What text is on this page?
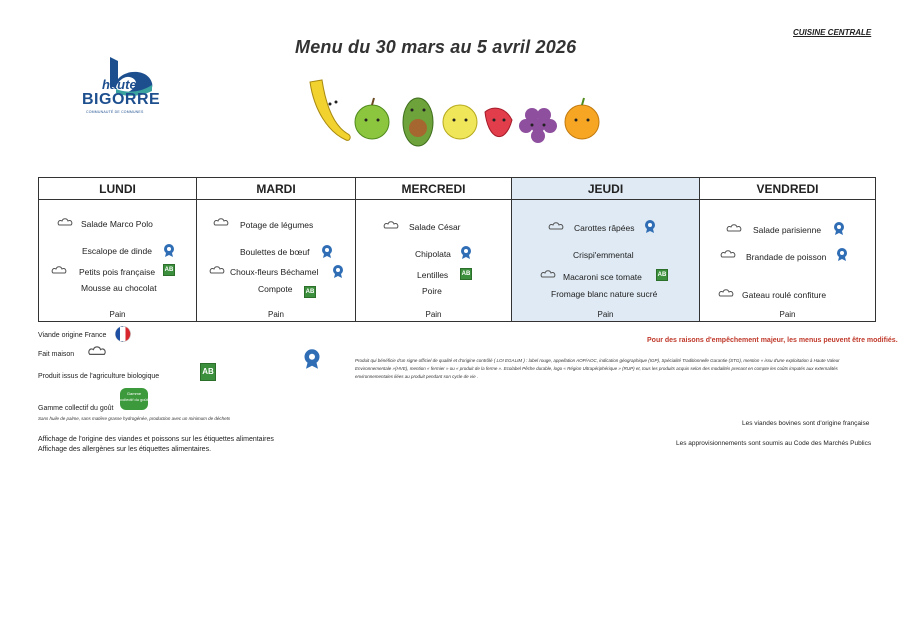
CUISINE CENTRALE
Menu du 30 mars au 5 avril 2026
haute
BIGORRE
COMMUNAUTÉ DE COMMUNES
LUNDI
Salade Marco Polo
Escalope de dinde
Petits pois française AB
Mousse au chocolat
Pain
MARDI
Potage de légumes
Boulettes de bœuf
Choux-fleurs Béchamel
Compote AB
Pain
MERCREDI
Salade César
Chipolata
Lentilles AB
Poire
Pain
JEUDI
Carottes râpées
Crispi'emmental
Macaroni sce tomate	AB
Fromage blanc nature sucré
Pain
VENDREDI
Salade parisienne
Brandade de poisson
Gateau roulé confiture
Pain
Viande origine France
Fait maison
Produit qui bénéficie d'un signe officiel de qualité et d'origine contrôlé ( LOI EGALIM ) : label rouge, appellation AOP/AOC, indication géographique (IGP), Spécialité Traditionnelle Garantie (STG), mention « issu d'une exploitation à Haute Valeur Environnementale »(HVE), mention « fermier » ou « produit de la ferme ». Ecolabel Pêche durable, logo « Région Ultrapériphérique » (RUP) et, tous les produits acquis selon des modalités prenant en compte les coûts imputés aux externalités environnementales liées au produit pendant son cycle de vie .
Produit issus de l'agriculture biologique
AB
Gamme collectif du goût
Gamme collectif du goût
Sans huile de palme, sans matière grasse hydrogénée, production avec un minimum de déchets
Affichage de l'origine des viandes et poissons sur les étiquettes alimentaires
Affichage des allergènes sur les étiquettes alimentaires.
Pour des raisons d'empêchement majeur, les menus peuvent être modifiés.
Les viandes bovines sont d'origine française
Les approvisionnements sont soumis au Code des Marchés Publics
